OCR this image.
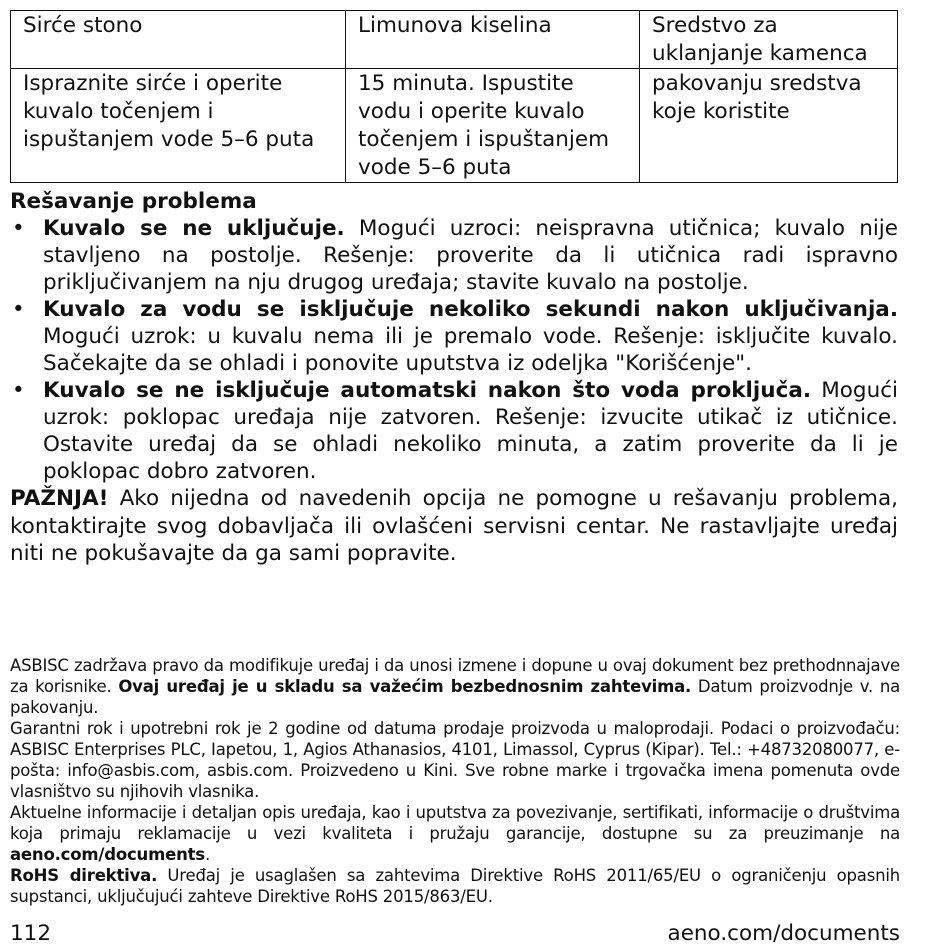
Sirće stono	Limunova kiselina	Sredstvo za uklanjanje kamenca
Ispraznite sirće i operite kuvalo točenjem i ispuštanjem vode 5–6 puta	15 minuta. Ispustite vodu i operite kuvalo točenjem i ispuštanjem vode 5–6 puta	pakovanju sredstva koje koristite
Rešavanje problema
• Kuvalo se ne uključuje. Mogući uzroci: neispravna utičnica; kuvalo nije stavljeno na postolje. Rešenje: proverite da li utičnica radi ispravno priključivanjem na nju drugog uređaja; stavite kuvalo na postolje.
• Kuvalo za vodu se isključuje nekoliko sekundi nakon uključivanja. Mogući uzrok: u kuvalu nema ili je premalo vode. Rešenje: isključite kuvalo. Sačekajte da se ohladi i ponovite uputstva iz odeljka "Korišćenje".
• Kuvalo se ne isključuje automatski nakon što voda proključa. Mogući uzrok: poklopac uređaja nije zatvoren. Rešenje: izvucite utikač iz utičnice. Ostavite uređaj da se ohladi nekoliko minuta, a zatim proverite da li je poklopac dobro zatvoren.
PAŽNJA! Ako nijedna od navedenih opcija ne pomogne u rešavanju problema, kontaktirajte svog dobavljača ili ovlašćeni servisni centar. Ne rastavljajte uređaj niti ne pokušavajte da ga sami popravite.
ASBISC zadržava pravo da modifikuje uređaj i da unosi izmene i dopune u ovaj dokument bez prethodnnajave za korisnike. Ovaj uređaj je u skladu sa važećim bezbednosnim zahtevima. Datum proizvodnje v. na pakovanju.
Garantni rok i upotrebni rok je 2 godine od datuma prodaje proizvoda u maloprodaji. Podaci o proizvođaču: ASBISC Enterprises PLC, Iapetou, 1, Agios Athanasios, 4101, Limassol, Cyprus (Kipar). Tel.: +48732080077, e-pošta: info@asbis.com, asbis.com. Proizvedeno u Kini. Sve robne marke i trgovačka imena pomenuta ovde vlasništvo su njihovih vlasnika.
Aktuelne informacije i detaljan opis uređaja, kao i uputstva za povezivanje, sertifikati, informacije o društvima koja primaju reklamacije u vezi kvaliteta i pružaju garancije, dostupne su za preuzimanje na aeno.com/documents.
RoHS direktiva. Uređaj je usaglašen sa zahtevima Direktive RoHS 2011/65/EU o ograničenju opasnih supstanci, uključujući zahteve Direktive RoHS 2015/863/EU.
112	aeno.com/documents
